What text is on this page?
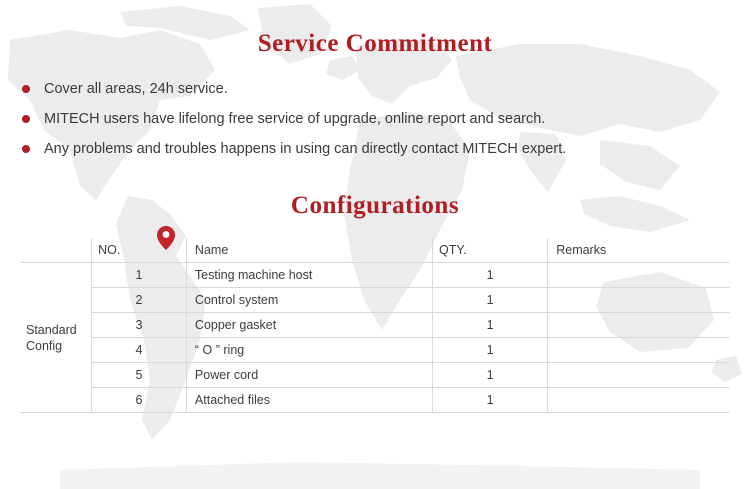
Service Commitment
Cover all areas, 24h service.
MITECH users have lifelong free service of upgrade, online report and search.
Any problems and troubles happens in using can directly contact MITECH expert.
Configurations
	NO.	Name	QTY.	Remarks
Standard Config	1	Testing machine host	1	
	2	Control system	1	
	3	Copper gasket	1	
	4	“ O ” ring	1	
	5	Power cord	1	
	6	Attached files	1	
